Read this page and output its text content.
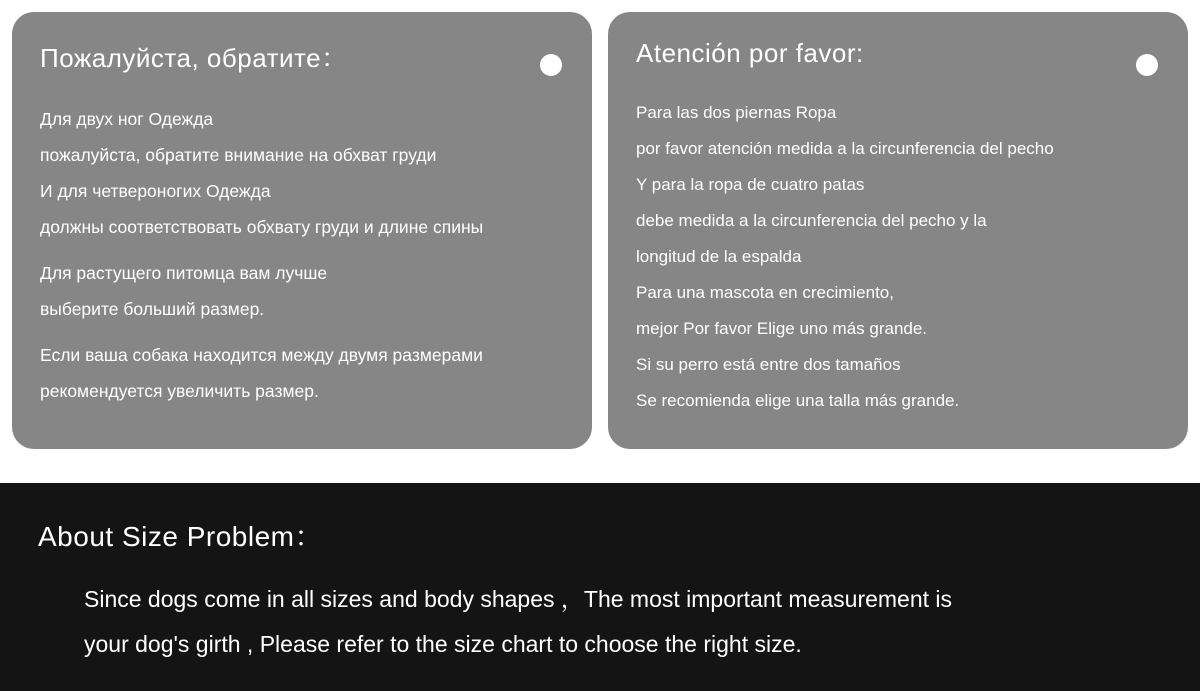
Пожалуйста, обратите：
Для двух ног Одежда
пожалуйста, обратите внимание на обхват груди
И для четвероногих Одежда
должны соответствовать обхвату груди и длине спины
Для растущего питомца вам лучше
выберите больший размер.
Если ваша собака находится между двумя размерами
рекомендуется увеличить размер.
Atención por favor:
Para las dos piernas Ropa
por favor atención medida a la circunferencia del pecho
Y para la ropa de cuatro patas
debe medida a la circunferencia del pecho y la
longitud de la espalda
Para una mascota en crecimiento,
mejor Por favor Elige uno más grande.
Si su perro está entre dos tamaños
Se recomienda elige una talla más grande.
About Size Problem：
Since dogs come in all sizes and body shapes ，The most important measurement is
your dog's girth , Please refer to the size chart to choose the right size.
